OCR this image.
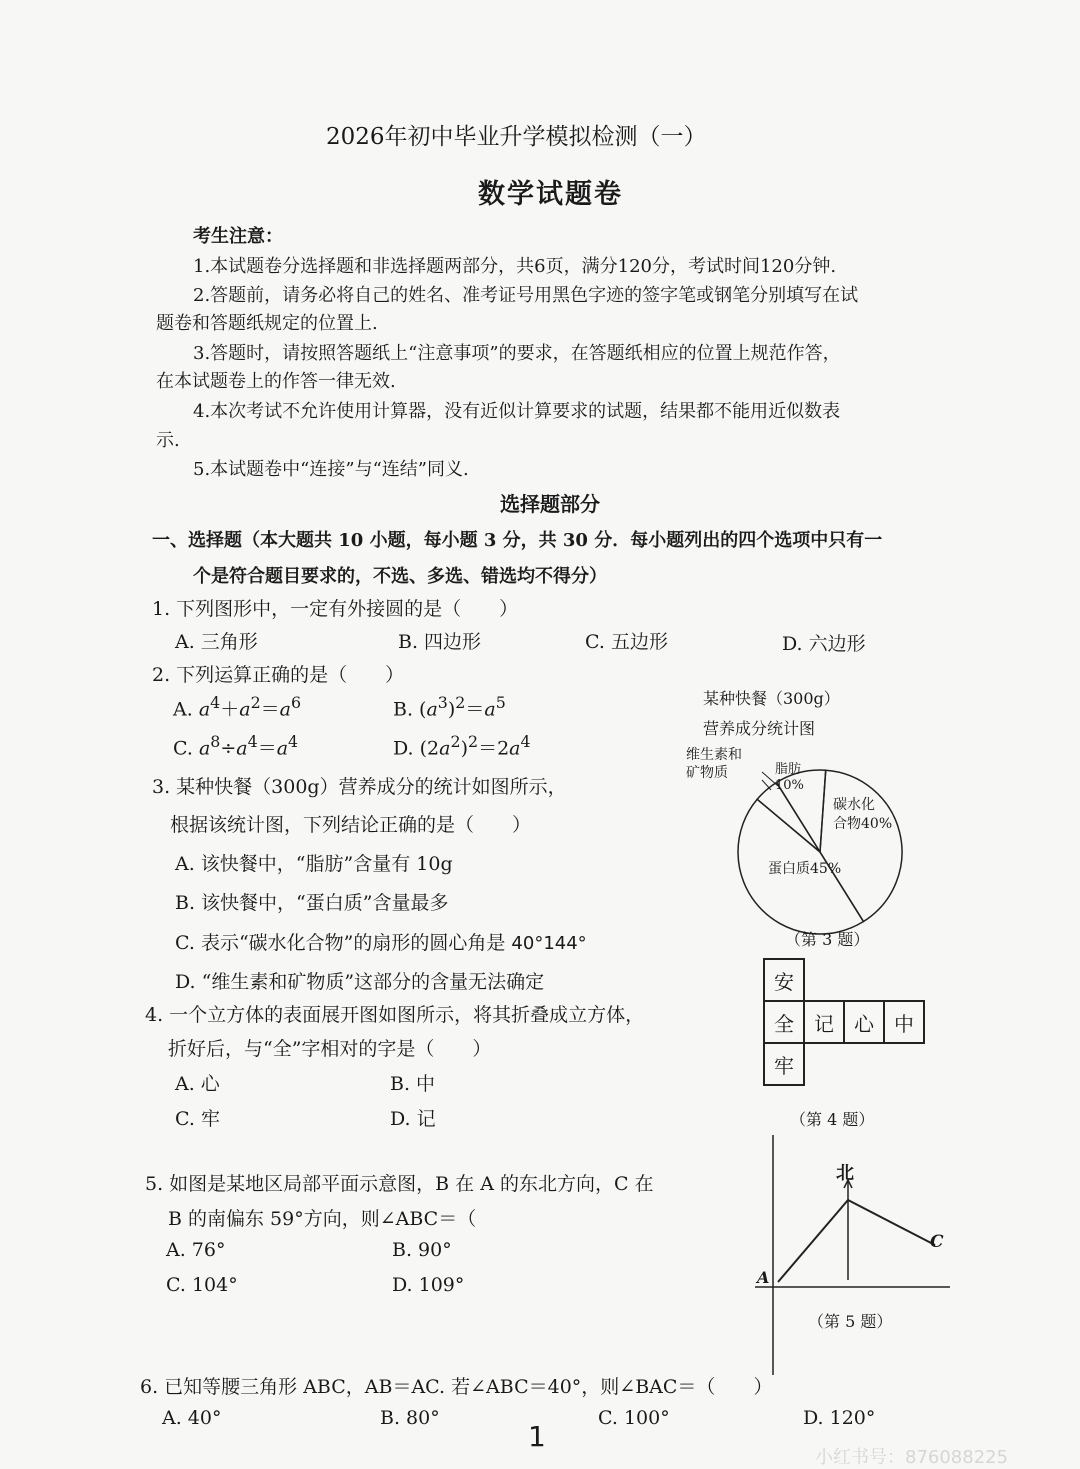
2026年初中毕业升学模拟检测（一）
数学试题卷
考生注意：
1.本试题卷分选择题和非选择题两部分，共6页，满分120分，考试时间120分钟.
2.答题前，请务必将自己的姓名、准考证号用黑色字迹的签字笔或钢笔分别填写在试
题卷和答题纸规定的位置上.
3.答题时，请按照答题纸上“注意事项”的要求，在答题纸相应的位置上规范作答，
在本试题卷上的作答一律无效.
4.本次考试不允许使用计算器，没有近似计算要求的试题，结果都不能用近似数表
示.
5.本试题卷中“连接”与“连结”同义.
选择题部分
一、选择题（本大题共 10 小题，每小题 3 分，共 30 分．每小题列出的四个选项中只有一
个是符合题目要求的，不选、多选、错选均不得分）
1. 下列图形中，一定有外接圆的是（　　）
A. 三角形	B. 四边形	C. 五边形	D. 六边形
2. 下列运算正确的是（　　）
A. $a^4+a^2=a^6$	B. $(a^3)^2=a^5$
C. $a^8\div a^4=a^4$	D. $(2a^2)^2=2a^4$
3. 某种快餐（300g）营养成分的统计如图所示，
根据该统计图，下列结论正确的是（　　）
A. 该快餐中，“脂肪”含量有 10g
B. 该快餐中，“蛋白质”含量最多
C. 表示“碳水化合物”的扇形的圆心角是 40°144°
D. “维生素和矿物质”这部分的含量无法确定
某种快餐（300g）
营养成分统计图
维生素和
矿物质	脂肪
10%
碳水化
合物40%
蛋白质45%
（第 3 题）
4. 一个立方体的表面展开图如图所示，将其折叠成立方体，
折好后，与“全”字相对的字是（　　）
A. 心	B. 中
C. 牢	D. 记
安			
全	记	心	中
牢			
（第 4 题）
5. 如图是某地区局部平面示意图，B 在 A 的东北方向，C 在
B 的南偏东 59°方向，则∠ABC＝（
A. 76°	B. 90°
C. 104°	D. 109°
北
A
C
（第 5 题）
6. 已知等腰三角形 ABC，AB＝AC. 若∠ABC＝40°，则∠BAC＝（　　）
A. 40°	B. 80°	C. 100°	D. 120°
1
小红书号：876088225
